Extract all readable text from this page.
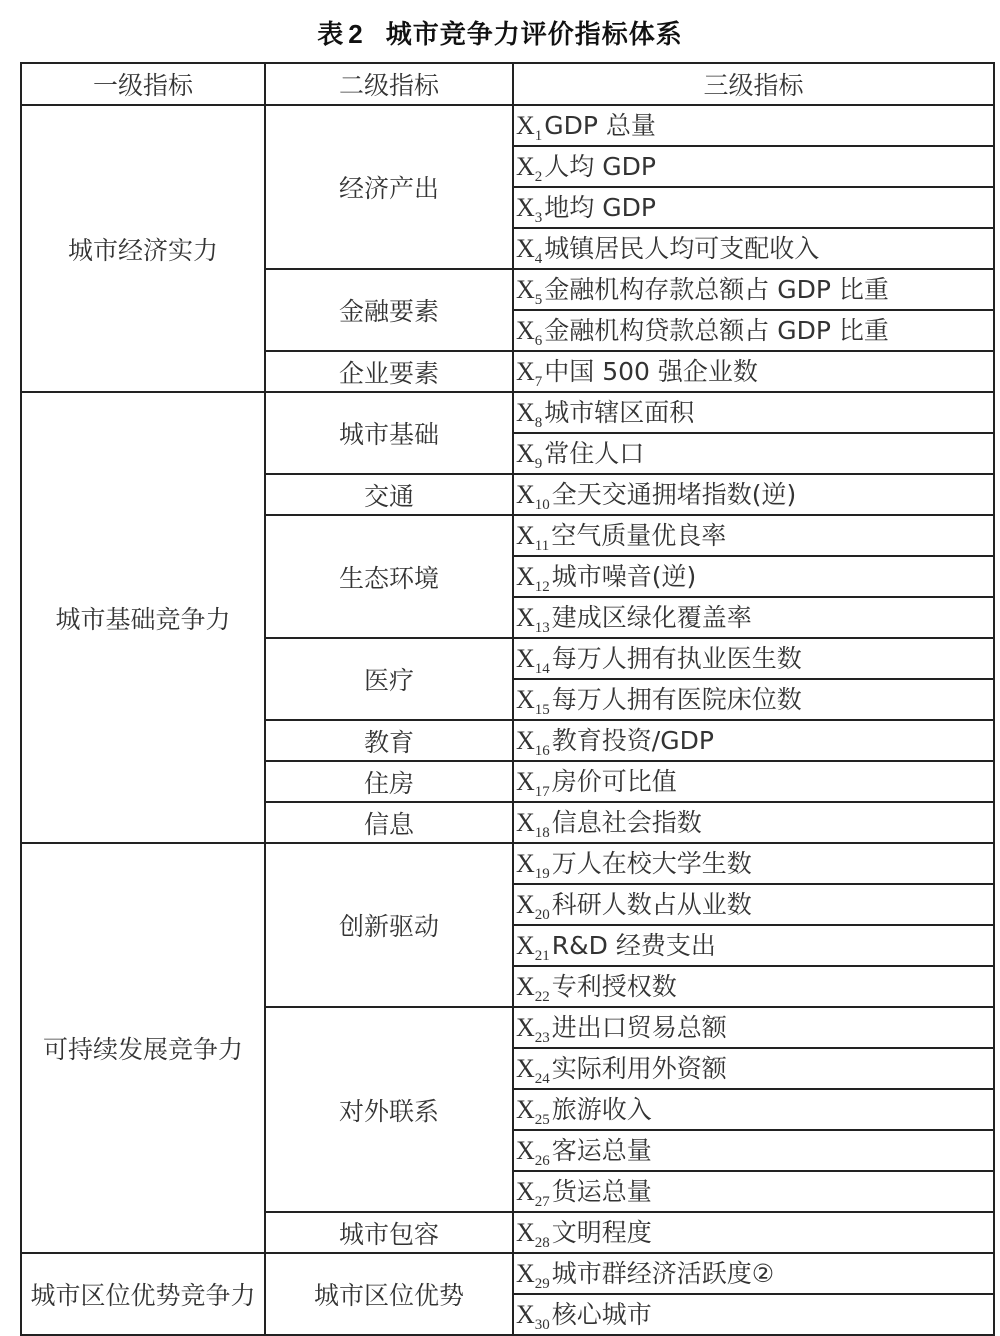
表 2 城市竞争力评价指标体系
一级指标	二级指标	三级指标
城市经济实力	经济产出	$X_1GDP$ 总量
		$X_2$人均 GDP
		$X_3$地均 GDP
		$X_4$城镇居民人均可支配收入
	金融要素	$X_5$金融机构存款总额占 GDP 比重
		$X_6$金融机构贷款总额占 GDP 比重
	企业要素	$X_7$中国 500 强企业数
城市基础竞争力	城市基础	$X_8$城市辖区面积
		$X_9$常住人口
	交通	$X_{10}$全天交通拥堵指数(逆)
	生态环境	$X_{11}$空气质量优良率
		$X_{12}$城市噪音(逆)
		$X_{13}$建成区绿化覆盖率
	医疗	$X_{14}$每万人拥有执业医生数
		$X_{15}$每万人拥有医院床位数
	教育	$X_{16}$教育投资/GDP
	住房	$X_{17}$房价可比值
	信息	$X_{18}$信息社会指数
可持续发展竞争力	创新驱动	$X_{19}$万人在校大学生数
		$X_{20}$科研人数占从业数
		$X_{21}R\&D$ 经费支出
		$X_{22}$专利授权数
	对外联系	$X_{23}$进出口贸易总额
		$X_{24}$实际利用外资额
		$X_{25}$旅游收入
		$X_{26}$客运总量
		$X_{27}$货运总量
	城市包容	$X_{28}$文明程度
城市区位优势竞争力	城市区位优势	$X_{29}$城市群经济活跃度②
		$X_{30}$核心城市
